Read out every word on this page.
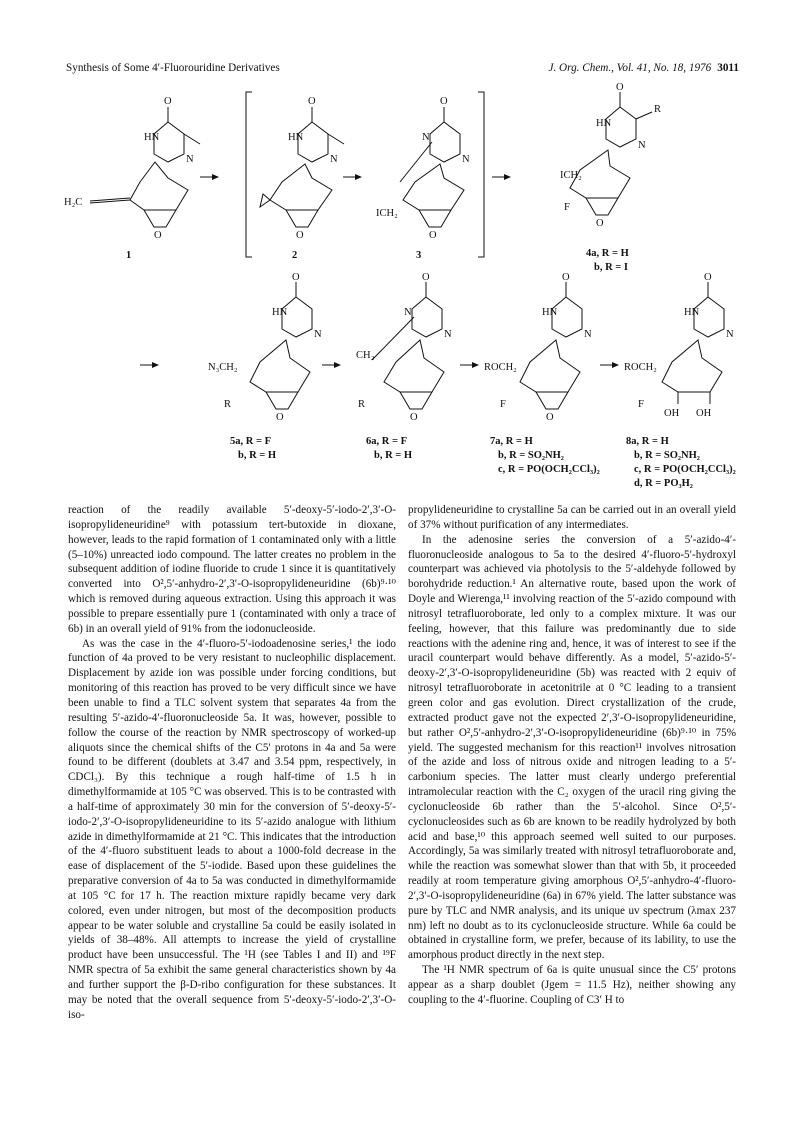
Synthesis of Some 4′-Fluorouridine Derivatives	J. Org. Chem., Vol. 41, No. 18, 1976 3011
O
HN
N
H₂C
O
O
HN
N
O
O
N
N
ICH₂
O
O
HN
R
N
ICH₂
F
O
1	2	3	4a, R = H
b, R = I
O
HN
N
N₃CH₂
R
O
O
N
N
CH₂
R
O
O
HN
N
ROCH₂
F
O
O
HN
N
ROCH₂
F
OH OH
5a, R = F
b, R = H
6a, R = F
b, R = H
7a, R = H
b, R = SO₂NH₂
c, R = PO(OCH₂CCl₃)₂
8a, R = H
b, R = SO₂NH₂
c, R = PO(OCH₂CCl₃)₂
d, R = PO₃H₂

reaction of the readily available 5′-deoxy-5′-iodo-2′,3′-O-isopropylideneuridine⁹ with potassium tert-butoxide in dioxane, however, leads to the rapid formation of 1 contaminated only with a little (5–10%) unreacted iodo compound. The latter creates no problem in the subsequent addition of iodine fluoride to crude 1 since it is quantitatively converted into O²,5′-anhydro-2′,3′-O-isopropylideneuridine (6b)⁹·¹⁰ which is removed during aqueous extraction. Using this approach it was possible to prepare essentially pure 1 (contaminated with only a trace of 6b) in an overall yield of 91% from the iodonucleoside.

As was the case in the 4′-fluoro-5′-iodoadenosine series,¹ the iodo function of 4a proved to be very resistant to nucleophilic displacement. Displacement by azide ion was possible under forcing conditions, but monitoring of this reaction has proved to be very difficult since we have been unable to find a TLC solvent system that separates 4a from the resulting 5′-azido-4′-fluoronucleoside 5a. It was, however, possible to follow the course of the reaction by NMR spectroscopy of worked-up aliquots since the chemical shifts of the C5′ protons in 4a and 5a were found to be different (doublets at 3.47 and 3.54 ppm, respectively, in CDCl₃). By this technique a rough half-time of 1.5 h in dimethylformamide at 105 °C was observed. This is to be contrasted with a half-time of approximately 30 min for the conversion of 5′-deoxy-5′-iodo-2′,3′-O-isopropylideneuridine to its 5′-azido analogue with lithium azide in dimethylformamide at 21 °C. This indicates that the introduction of the 4′-fluoro substituent leads to about a 1000-fold decrease in the ease of displacement of the 5′-iodide. Based upon these guidelines the preparative conversion of 4a to 5a was conducted in dimethylformamide at 105 °C for 17 h. The reaction mixture rapidly became very dark colored, even under nitrogen, but most of the decomposition products appear to be water soluble and crystalline 5a could be easily isolated in yields of 38–48%. All attempts to increase the yield of crystalline product have been unsuccessful. The ¹H (see Tables I and II) and ¹⁹F NMR spectra of 5a exhibit the same general characteristics shown by 4a and further support the β-D-ribo configuration for these substances. It may be noted that the overall sequence from 5′-deoxy-5′-iodo-2′,3′-O-iso-

propylideneuridine to crystalline 5a can be carried out in an overall yield of 37% without purification of any intermediates.

In the adenosine series the conversion of a 5′-azido-4′-fluoronucleoside analogous to 5a to the desired 4′-fluoro-5′-hydroxyl counterpart was achieved via photolysis to the 5′-aldehyde followed by borohydride reduction.¹ An alternative route, based upon the work of Doyle and Wierenga,¹¹ involving reaction of the 5′-azido compound with nitrosyl tetrafluoroborate, led only to a complex mixture. It was our feeling, however, that this failure was predominantly due to side reactions with the adenine ring and, hence, it was of interest to see if the uracil counterpart would behave differently. As a model, 5′-azido-5′-deoxy-2′,3′-O-isopropylideneuridine (5b) was reacted with 2 equiv of nitrosyl tetrafluoroborate in acetonitrile at 0 °C leading to a transient green color and gas evolution. Direct crystallization of the crude, extracted product gave not the expected 2′,3′-O-isopropylideneuridine, but rather O²,5′-anhydro-2′,3′-O-isopropylideneuridine (6b)⁹·¹⁰ in 75% yield. The suggested mechanism for this reaction¹¹ involves nitrosation of the azide and loss of nitrous oxide and nitrogen leading to a 5′-carbonium species. The latter must clearly undergo preferential intramolecular reaction with the C₂ oxygen of the uracil ring giving the cyclonucleoside 6b rather than the 5′-alcohol. Since O²,5′-cyclonucleosides such as 6b are known to be readily hydrolyzed by both acid and base,¹⁰ this approach seemed well suited to our purposes. Accordingly, 5a was similarly treated with nitrosyl tetrafluoroborate and, while the reaction was somewhat slower than that with 5b, it proceeded readily at room temperature giving amorphous O²,5′-anhydro-4′-fluoro-2′,3′-O-isopropylideneuridine (6a) in 67% yield. The latter substance was pure by TLC and NMR analysis, and its unique uv spectrum (λmax 237 nm) left no doubt as to its cyclonucleoside structure. While 6a could be obtained in crystalline form, we prefer, because of its lability, to use the amorphous product directly in the next step.

The ¹H NMR spectrum of 6a is quite unusual since the C5′ protons appear as a sharp doublet (Jgem = 11.5 Hz), neither showing any coupling to the 4′-fluorine. Coupling of C3′ H to
